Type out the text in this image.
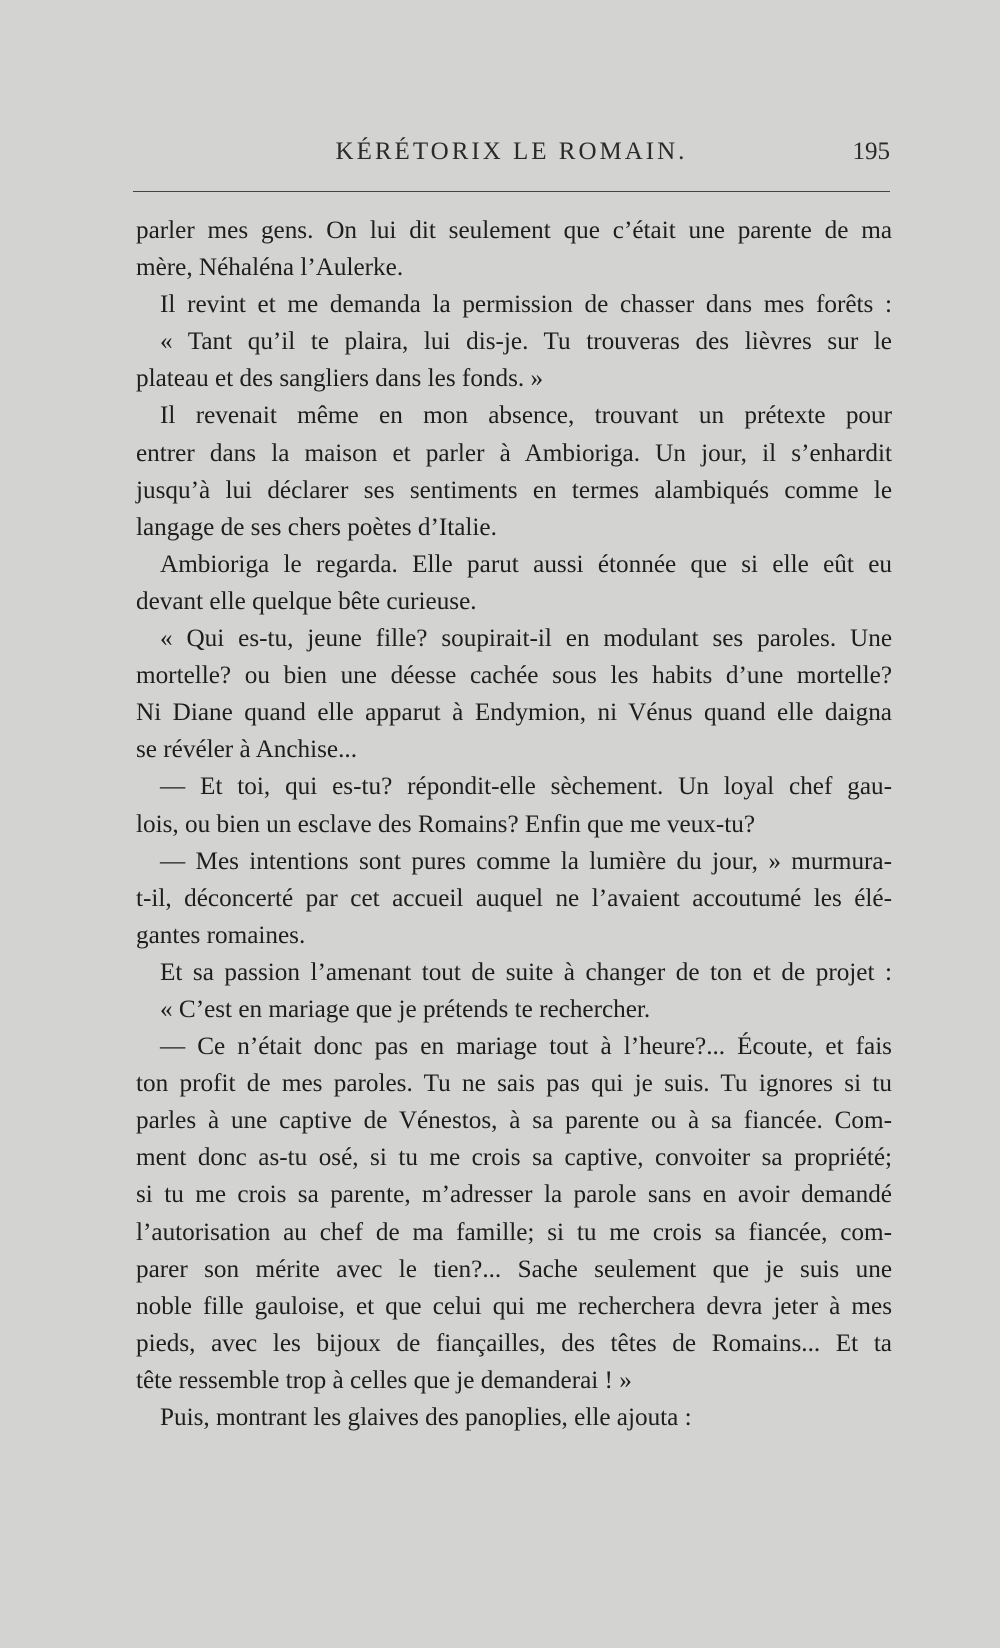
KÉRÉTORIX LE ROMAIN.	195
parler mes gens. On lui dit seulement que c’était une parente de ma
mère, Néhaléna l’Aulerke.
Il revint et me demanda la permission de chasser dans mes forêts :
« Tant qu’il te plaira, lui dis-je. Tu trouveras des lièvres sur le
plateau et des sangliers dans les fonds. »
Il revenait même en mon absence, trouvant un prétexte pour
entrer dans la maison et parler à Ambioriga. Un jour, il s’enhardit
jusqu’à lui déclarer ses sentiments en termes alambiqués comme le
langage de ses chers poètes d’Italie.
Ambioriga le regarda. Elle parut aussi étonnée que si elle eût eu
devant elle quelque bête curieuse.
« Qui es-tu, jeune fille? soupirait-il en modulant ses paroles. Une
mortelle? ou bien une déesse cachée sous les habits d’une mortelle?
Ni Diane quand elle apparut à Endymion, ni Vénus quand elle daigna
se révéler à Anchise...
— Et toi, qui es-tu? répondit-elle sèchement. Un loyal chef gau-
lois, ou bien un esclave des Romains? Enfin que me veux-tu?
— Mes intentions sont pures comme la lumière du jour, » murmura-
t-il, déconcerté par cet accueil auquel ne l’avaient accoutumé les élé-
gantes romaines.
Et sa passion l’amenant tout de suite à changer de ton et de projet :
« C’est en mariage que je prétends te rechercher.
— Ce n’était donc pas en mariage tout à l’heure?... Écoute, et fais
ton profit de mes paroles. Tu ne sais pas qui je suis. Tu ignores si tu
parles à une captive de Vénestos, à sa parente ou à sa fiancée. Com-
ment donc as-tu osé, si tu me crois sa captive, convoiter sa propriété;
si tu me crois sa parente, m’adresser la parole sans en avoir demandé
l’autorisation au chef de ma famille; si tu me crois sa fiancée, com-
parer son mérite avec le tien?... Sache seulement que je suis une
noble fille gauloise, et que celui qui me recherchera devra jeter à mes
pieds, avec les bijoux de fiançailles, des têtes de Romains... Et ta
tête ressemble trop à celles que je demanderai ! »
Puis, montrant les glaives des panoplies, elle ajouta :
